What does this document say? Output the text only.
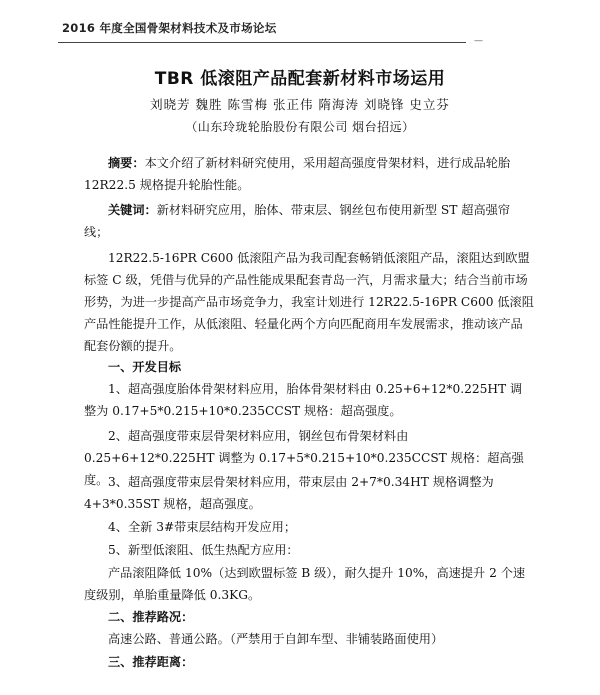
2016 年度全国骨架材料技术及市场论坛
—
TBR 低滚阻产品配套新材料市场运用
刘晓芳 魏胜 陈雪梅 张正伟 隋海涛 刘晓锋 史立芬
（山东玲珑轮胎股份有限公司 烟台招远）
摘要：本文介绍了新材料研究使用，采用超高强度骨架材料，进行成品轮胎12R22.5 规格提升轮胎性能。
关键词：新材料研究应用，胎体、带束层、钢丝包布使用新型 ST 超高强帘线；
12R22.5-16PR C600 低滚阻产品为我司配套畅销低滚阻产品，滚阻达到欧盟标签 C 级，凭借与优异的产品性能成果配套青岛一汽，月需求量大；结合当前市场形势，为进一步提高产品市场竞争力，我室计划进行 12R22.5-16PR C600 低滚阻产品性能提升工作，从低滚阻、轻量化两个方向匹配商用车发展需求，推动该产品配套份额的提升。
一、开发目标
1、超高强度胎体骨架材料应用，胎体骨架材料由 0.25+6+12*0.225HT 调整为 0.17+5*0.215+10*0.235CCST 规格：超高强度。
2、超高强度带束层骨架材料应用，钢丝包布骨架材料由 0.25+6+12*0.225HT 调整为 0.17+5*0.215+10*0.235CCST 规格：超高强度。 3、超高强度带束层骨架材料应用，带束层由 2+7*0.34HT 规格调整为 4+3*0.35ST 规格，超高强度。
4、全新 3#带束层结构开发应用；
5、新型低滚阻、低生热配方应用：
产品滚阻降低 10%（达到欧盟标签 B 级），耐久提升 10%，高速提升 2 个速度级别，单胎重量降低 0.3KG。
二、推荐路况：
高速公路、普通公路。（严禁用于自卸车型、非铺装路面使用）
三、推荐距离：
